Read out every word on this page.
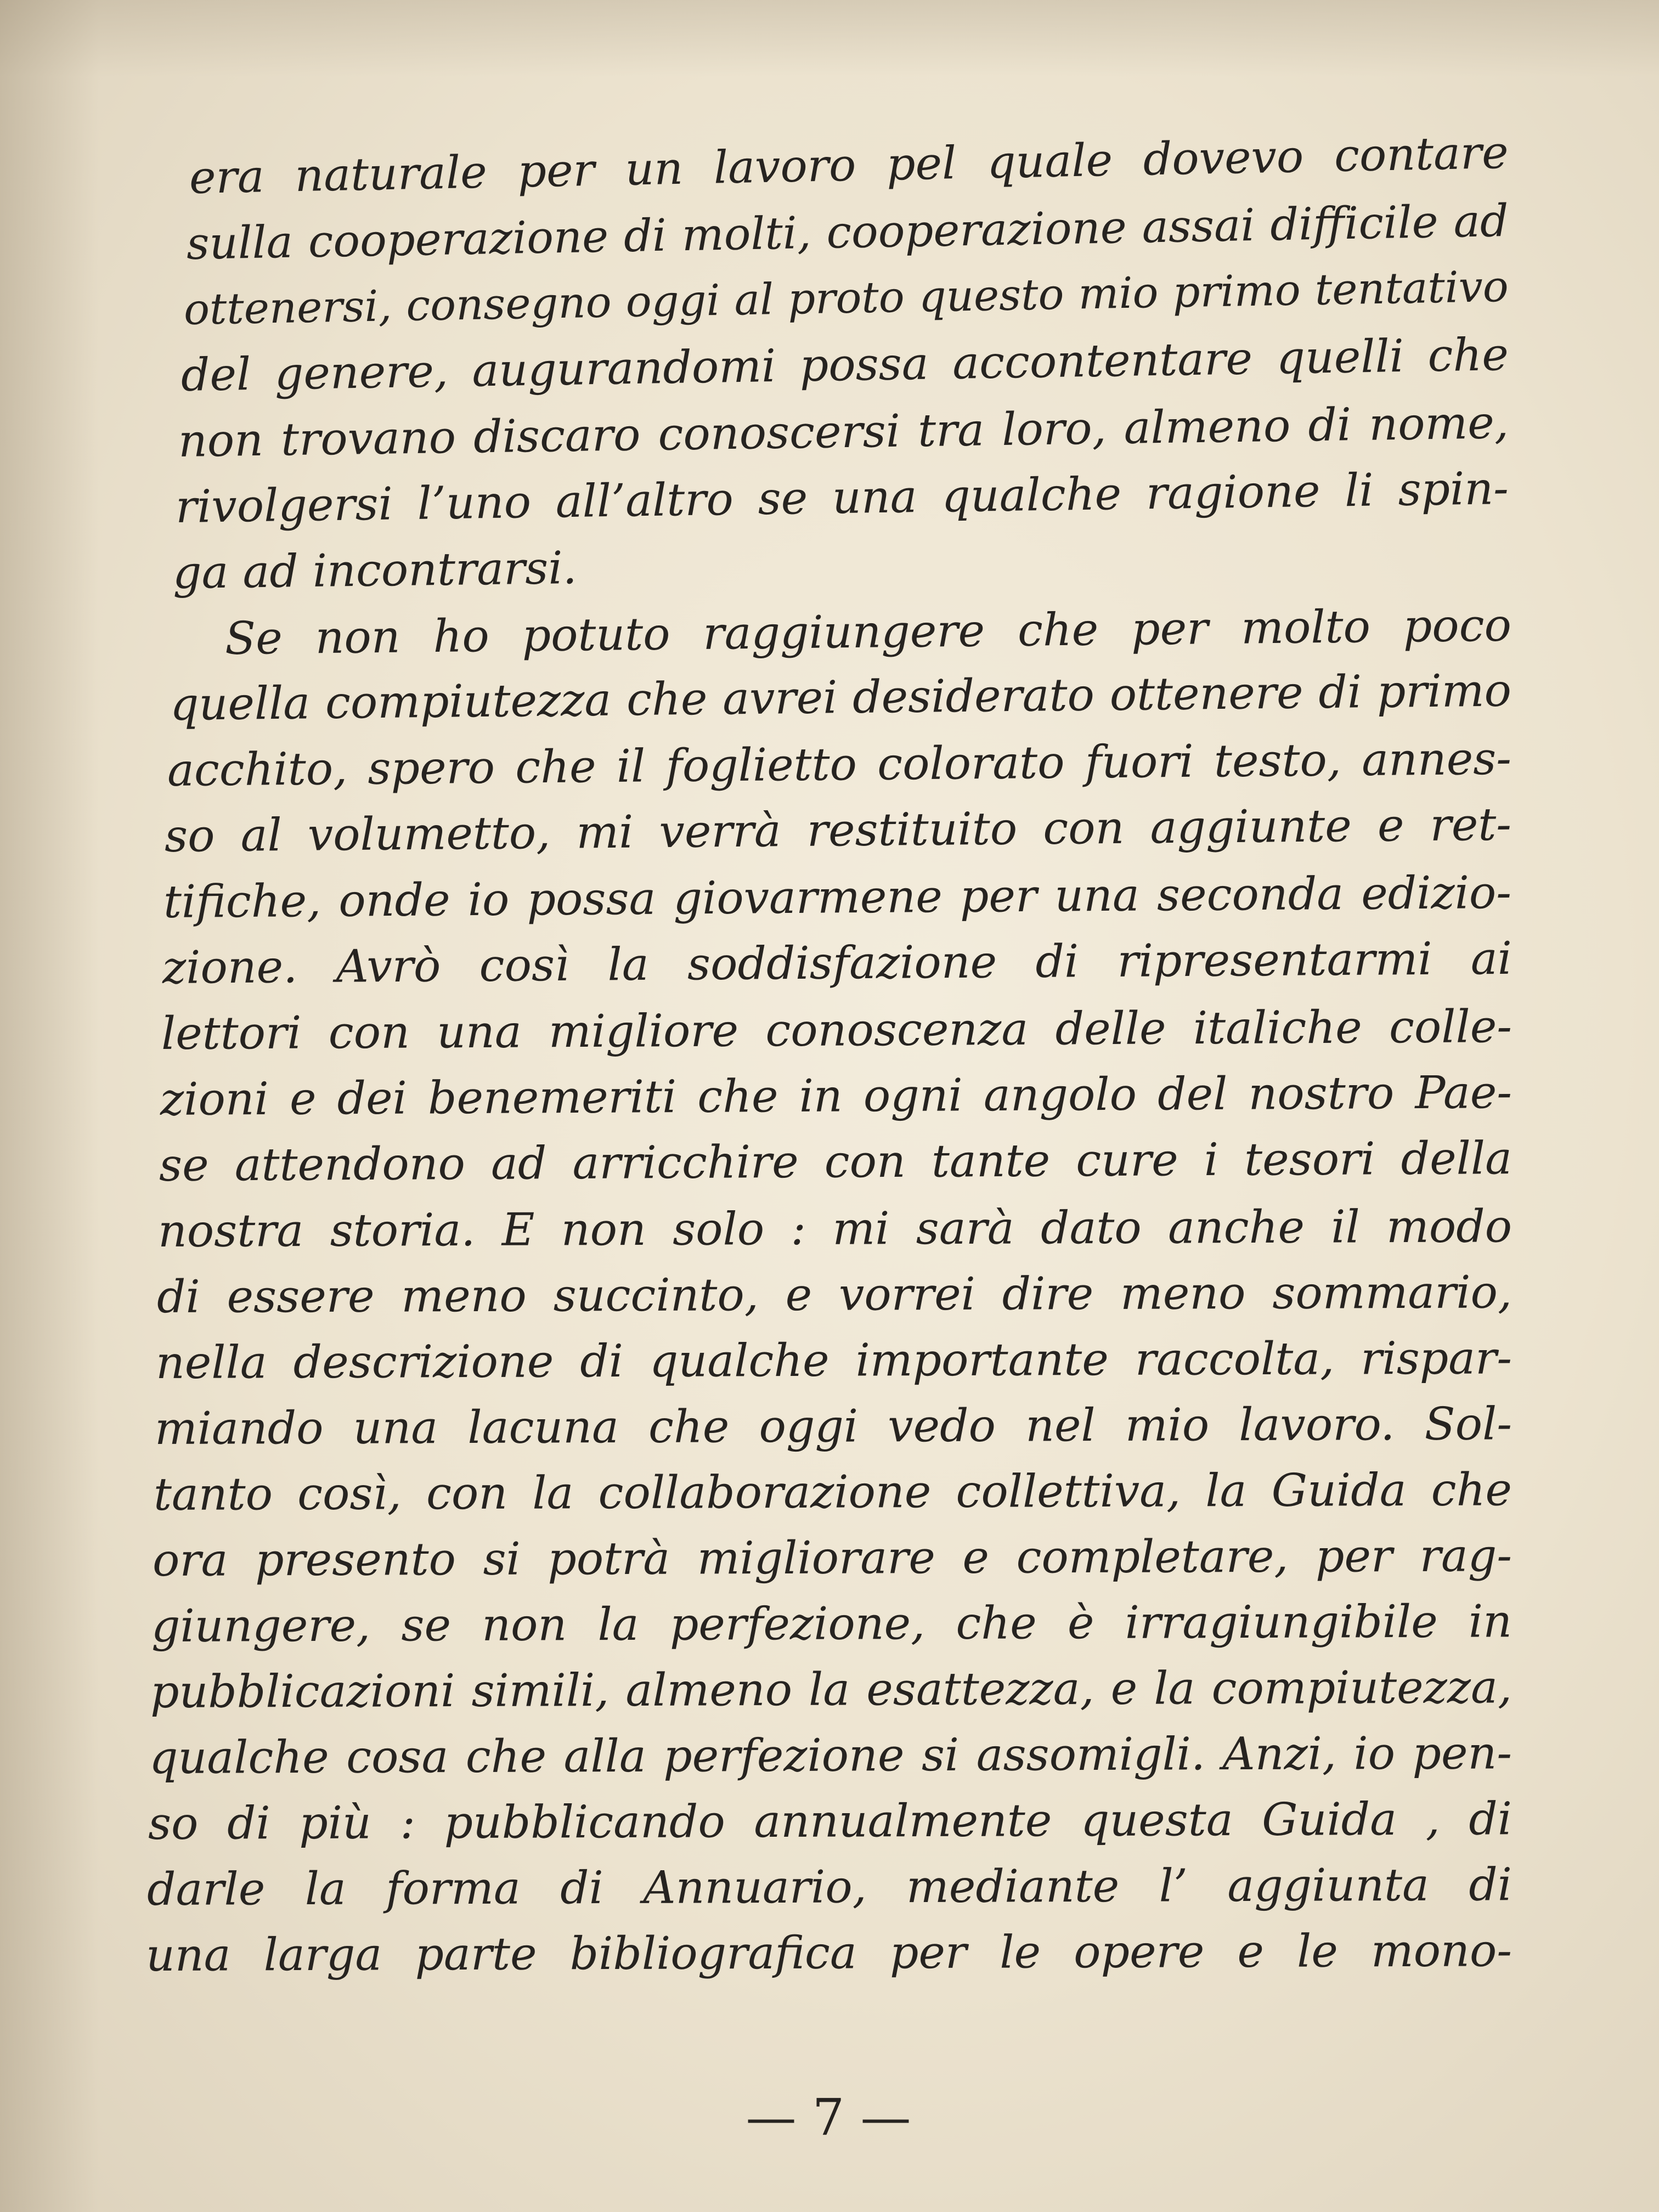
era naturale per un lavoro pel quale dovevo contare
sulla cooperazione di molti, cooperazione assai difficile ad
ottenersi, consegno oggi al proto questo mio primo tentativo
del genere, augurandomi possa accontentare quelli che
non trovano discaro conoscersi tra loro, almeno di nome,
rivolgersi l’uno all’altro se una qualche ragione li spin-
ga ad incontrarsi.
Se non ho potuto raggiungere che per molto poco
quella compiutezza che avrei desiderato ottenere di primo
acchito, spero che il foglietto colorato fuori testo, annes-
so al volumetto, mi verrà restituito con aggiunte e ret-
tifiche, onde io possa giovarmene per una seconda edizio-
zione. Avrò così la soddisfazione di ripresentarmi ai
lettori con una migliore conoscenza delle italiche colle-
zioni e dei benemeriti che in ogni angolo del nostro Pae-
se attendono ad arricchire con tante cure i tesori della
nostra storia. E non solo : mi sarà dato anche il modo
di essere meno succinto, e vorrei dire meno sommario,
nella descrizione di qualche importante raccolta, rispar-
miando una lacuna che oggi vedo nel mio lavoro. Sol-
tanto così, con la collaborazione collettiva, la Guida che
ora presento si potrà migliorare e completare, per rag-
giungere, se non la perfezione, che è irragiungibile in
pubblicazioni simili, almeno la esattezza, e la compiutezza,
qualche cosa che alla perfezione si assomigli. Anzi, io pen-
so di più : pubblicando annualmente questa Guida , di
darle la forma di Annuario, mediante l’ aggiunta di
una larga parte bibliografica per le opere e le mono-
— 7 —
